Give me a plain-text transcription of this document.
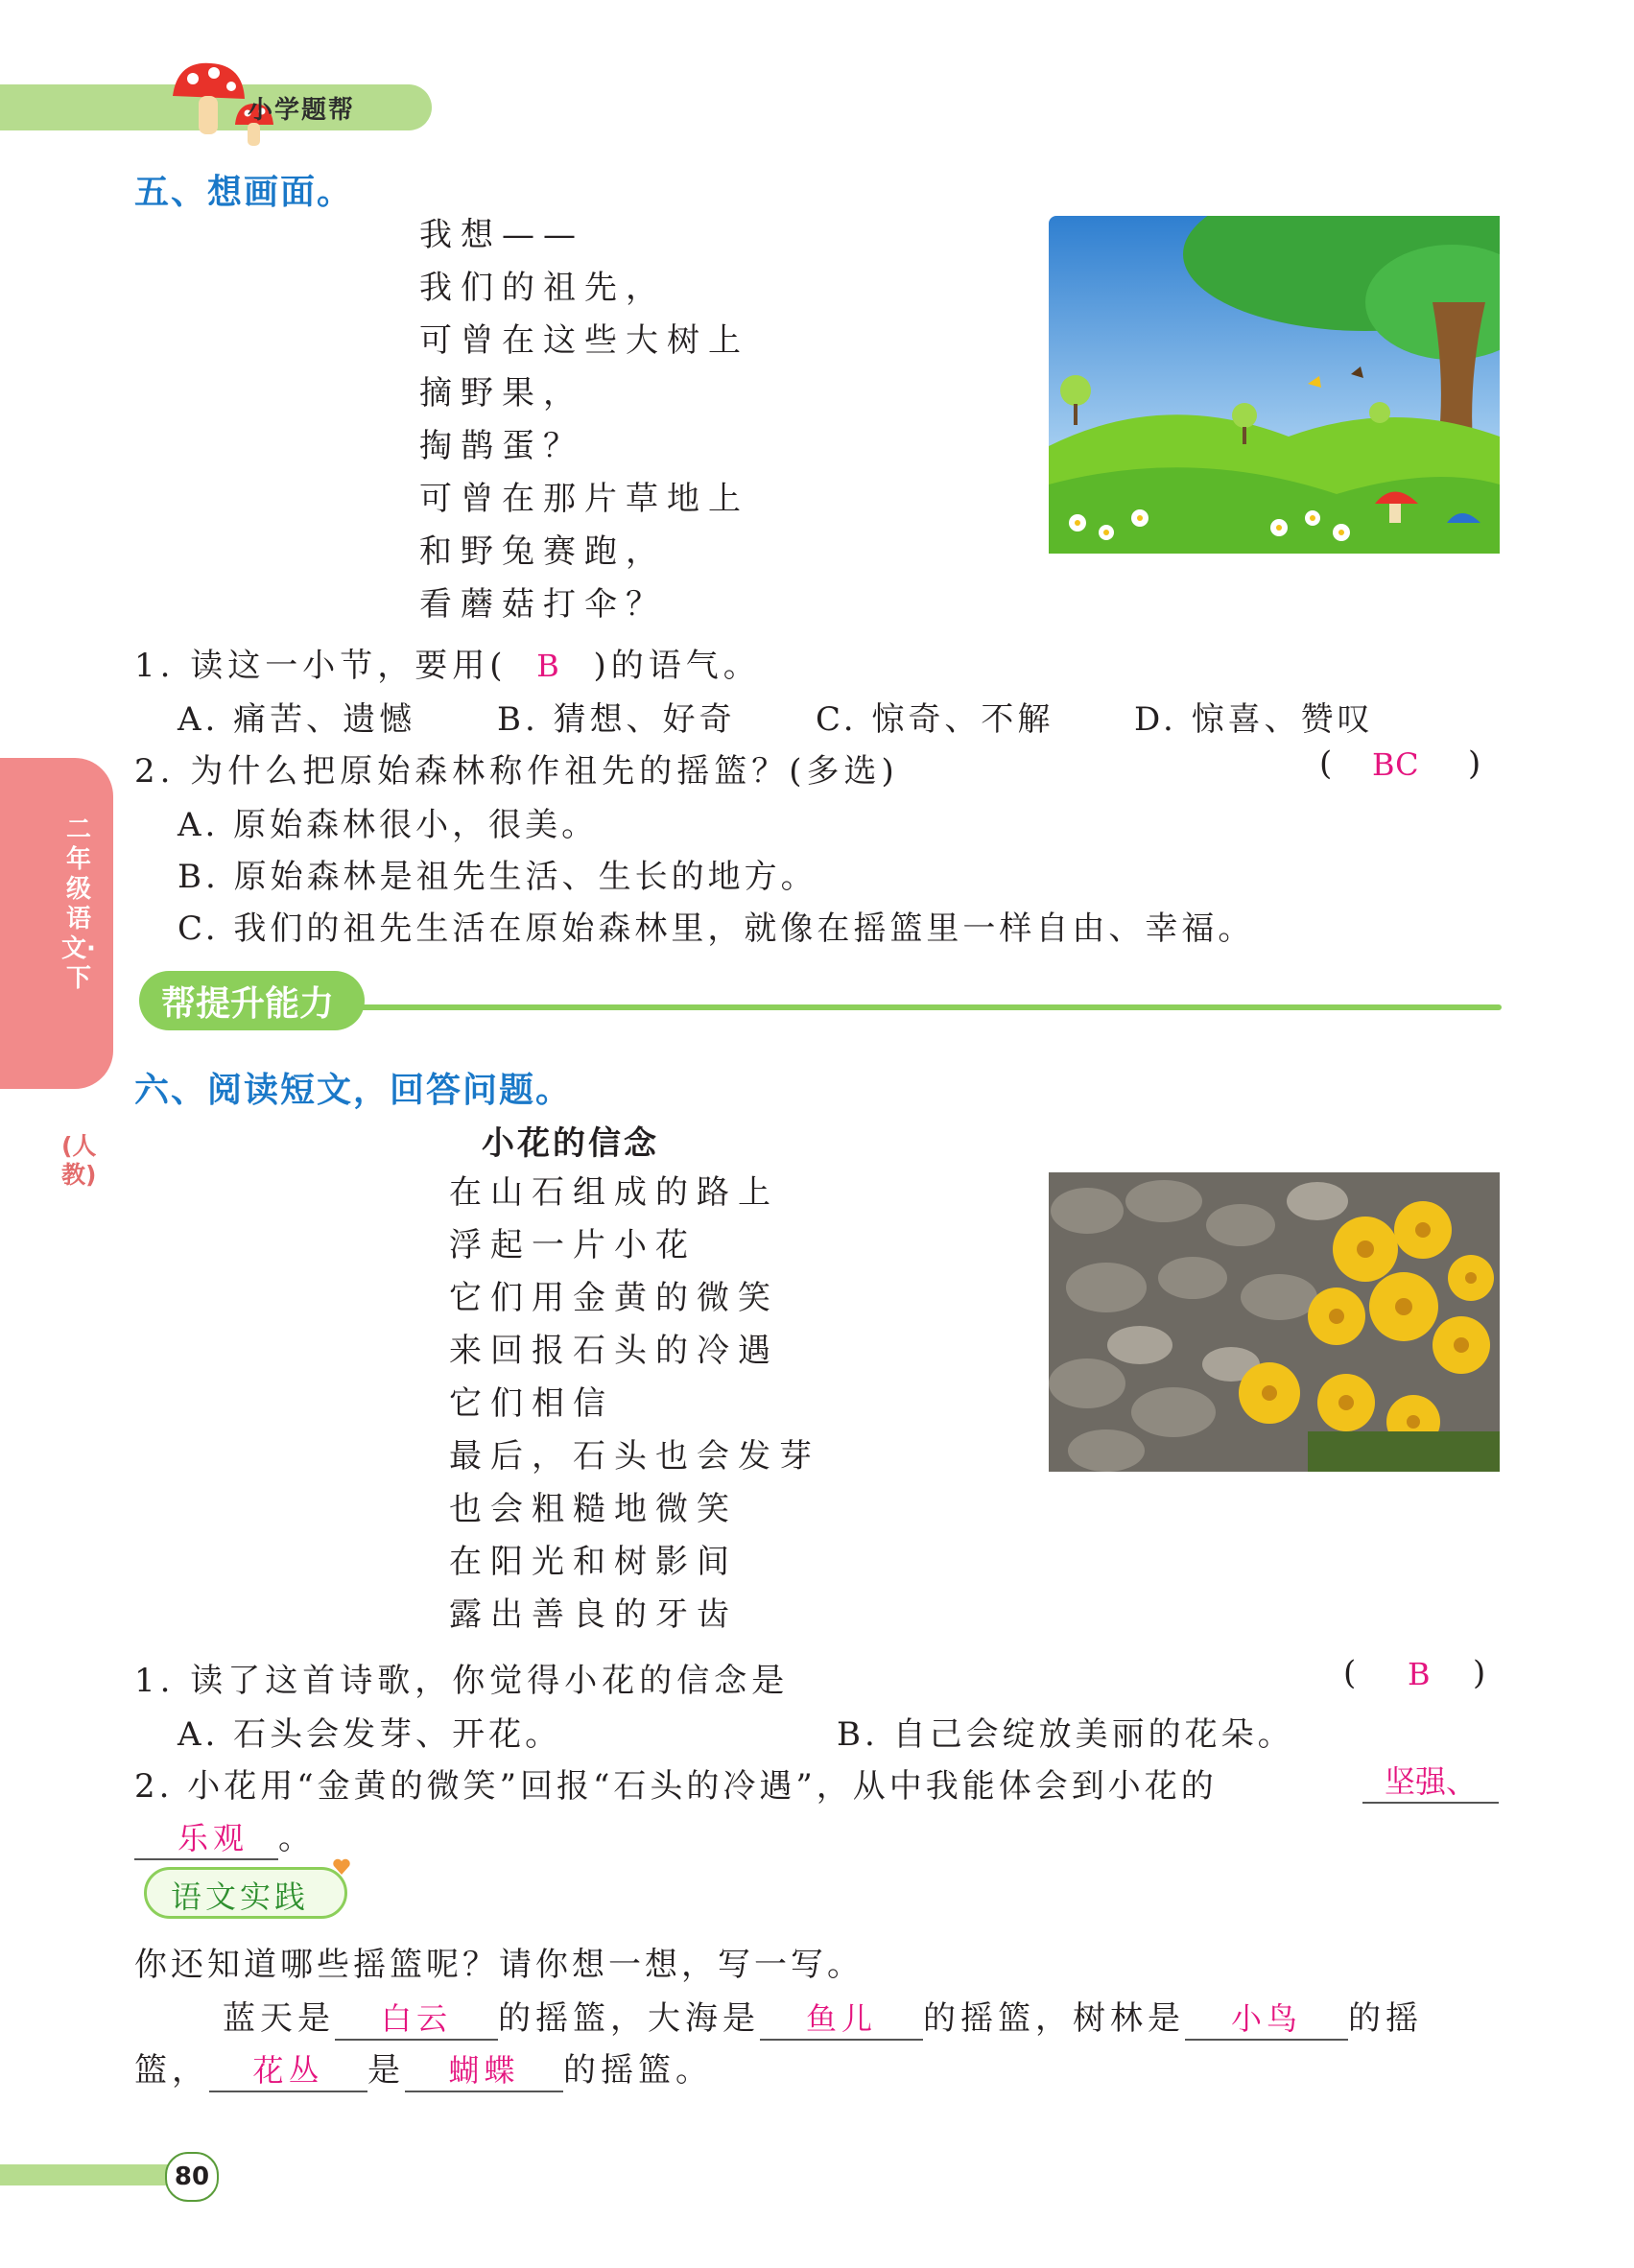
小学题帮
二年级语文·下
(人教)
五、想画面。
我想——
我们的祖先，
可曾在这些大树上
摘野果，
掏鹊蛋？
可曾在那片草地上
和野兔赛跑，
看蘑菇打伞？
1. 读这一小节，要用( B )的语气。
A. 痛苦、遗憾 B. 猜想、好奇 C. 惊奇、不解 D. 惊喜、赞叹
2. 为什么把原始森林称作祖先的摇篮？(多选)	( BC )
A. 原始森林很小，很美。
B. 原始森林是祖先生活、生长的地方。
C. 我们的祖先生活在原始森林里，就像在摇篮里一样自由、幸福。
帮提升能力
六、阅读短文，回答问题。
小花的信念
在山石组成的路上
浮起一片小花
它们用金黄的微笑
来回报石头的冷遇
它们相信
最后，石头也会发芽
也会粗糙地微笑
在阳光和树影间
露出善良的牙齿
1. 读了这首诗歌，你觉得小花的信念是	( B )
A. 石头会发芽、开花。	B. 自己会绽放美丽的花朵。
2. 小花用“金黄的微笑”回报“石头的冷遇”，从中我能体会到小花的	坚强、
乐观 。
语文实践
你还知道哪些摇篮呢？请你想一想，写一写。
蓝天是 白云 的摇篮，大海是 鱼儿 的摇篮，树林是 小鸟 的摇
篮， 花丛 是 蝴蝶 的摇篮。
80
